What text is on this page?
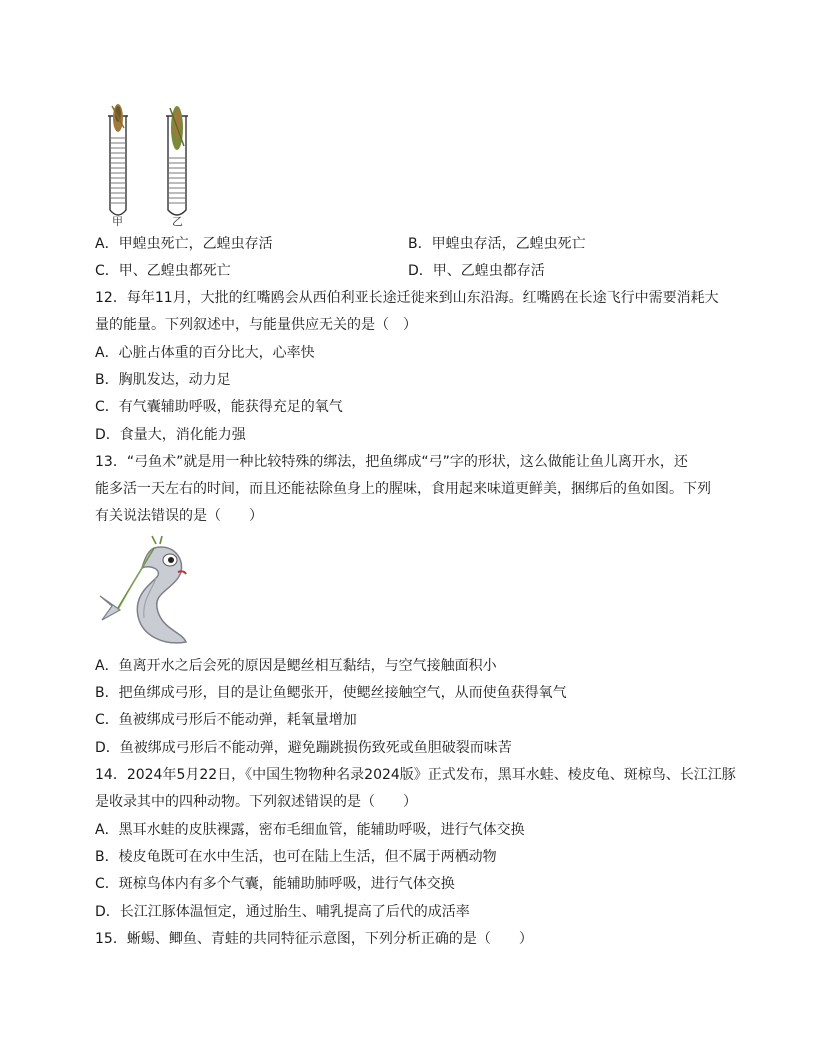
甲	乙
A．甲蝗虫死亡，乙蝗虫存活	B．甲蝗虫存活，乙蝗虫死亡
C．甲、乙蝗虫都死亡	D．甲、乙蝗虫都存活
12．每年11月，大批的红嘴鸥会从西伯利亚长途迁徙来到山东沿海。红嘴鸥在长途飞行中需要消耗大
量的能量。下列叙述中，与能量供应无关的是（　）
A．心脏占体重的百分比大，心率快
B．胸肌发达，动力足
C．有气囊辅助呼吸，能获得充足的氧气
D．食量大，消化能力强
13．“弓鱼术”就是用一种比较特殊的绑法，把鱼绑成“弓”字的形状，这么做能让鱼儿离开水，还
能多活一天左右的时间，而且还能祛除鱼身上的腥味，食用起来味道更鲜美，捆绑后的鱼如图。下列
有关说法错误的是（　　）
A．鱼离开水之后会死的原因是鳃丝相互黏结，与空气接触面积小
B．把鱼绑成弓形，目的是让鱼鳃张开，使鳃丝接触空气，从而使鱼获得氧气
C．鱼被绑成弓形后不能动弹，耗氧量增加
D．鱼被绑成弓形后不能动弹，避免蹦跳损伤致死或鱼胆破裂而味苦
14．2024年5月22日，《中国生物物种名录2024版》正式发布，黑耳水蛙、棱皮龟、斑椋鸟、长江江豚
是收录其中的四种动物。下列叙述错误的是（　　）
A．黑耳水蛙的皮肤裸露，密布毛细血管，能辅助呼吸，进行气体交换
B．棱皮龟既可在水中生活，也可在陆上生活，但不属于两栖动物
C．斑椋鸟体内有多个气囊，能辅助肺呼吸，进行气体交换
D．长江江豚体温恒定，通过胎生、哺乳提高了后代的成活率
15．蜥蜴、鲫鱼、青蛙的共同特征示意图，下列分析正确的是（　　）
